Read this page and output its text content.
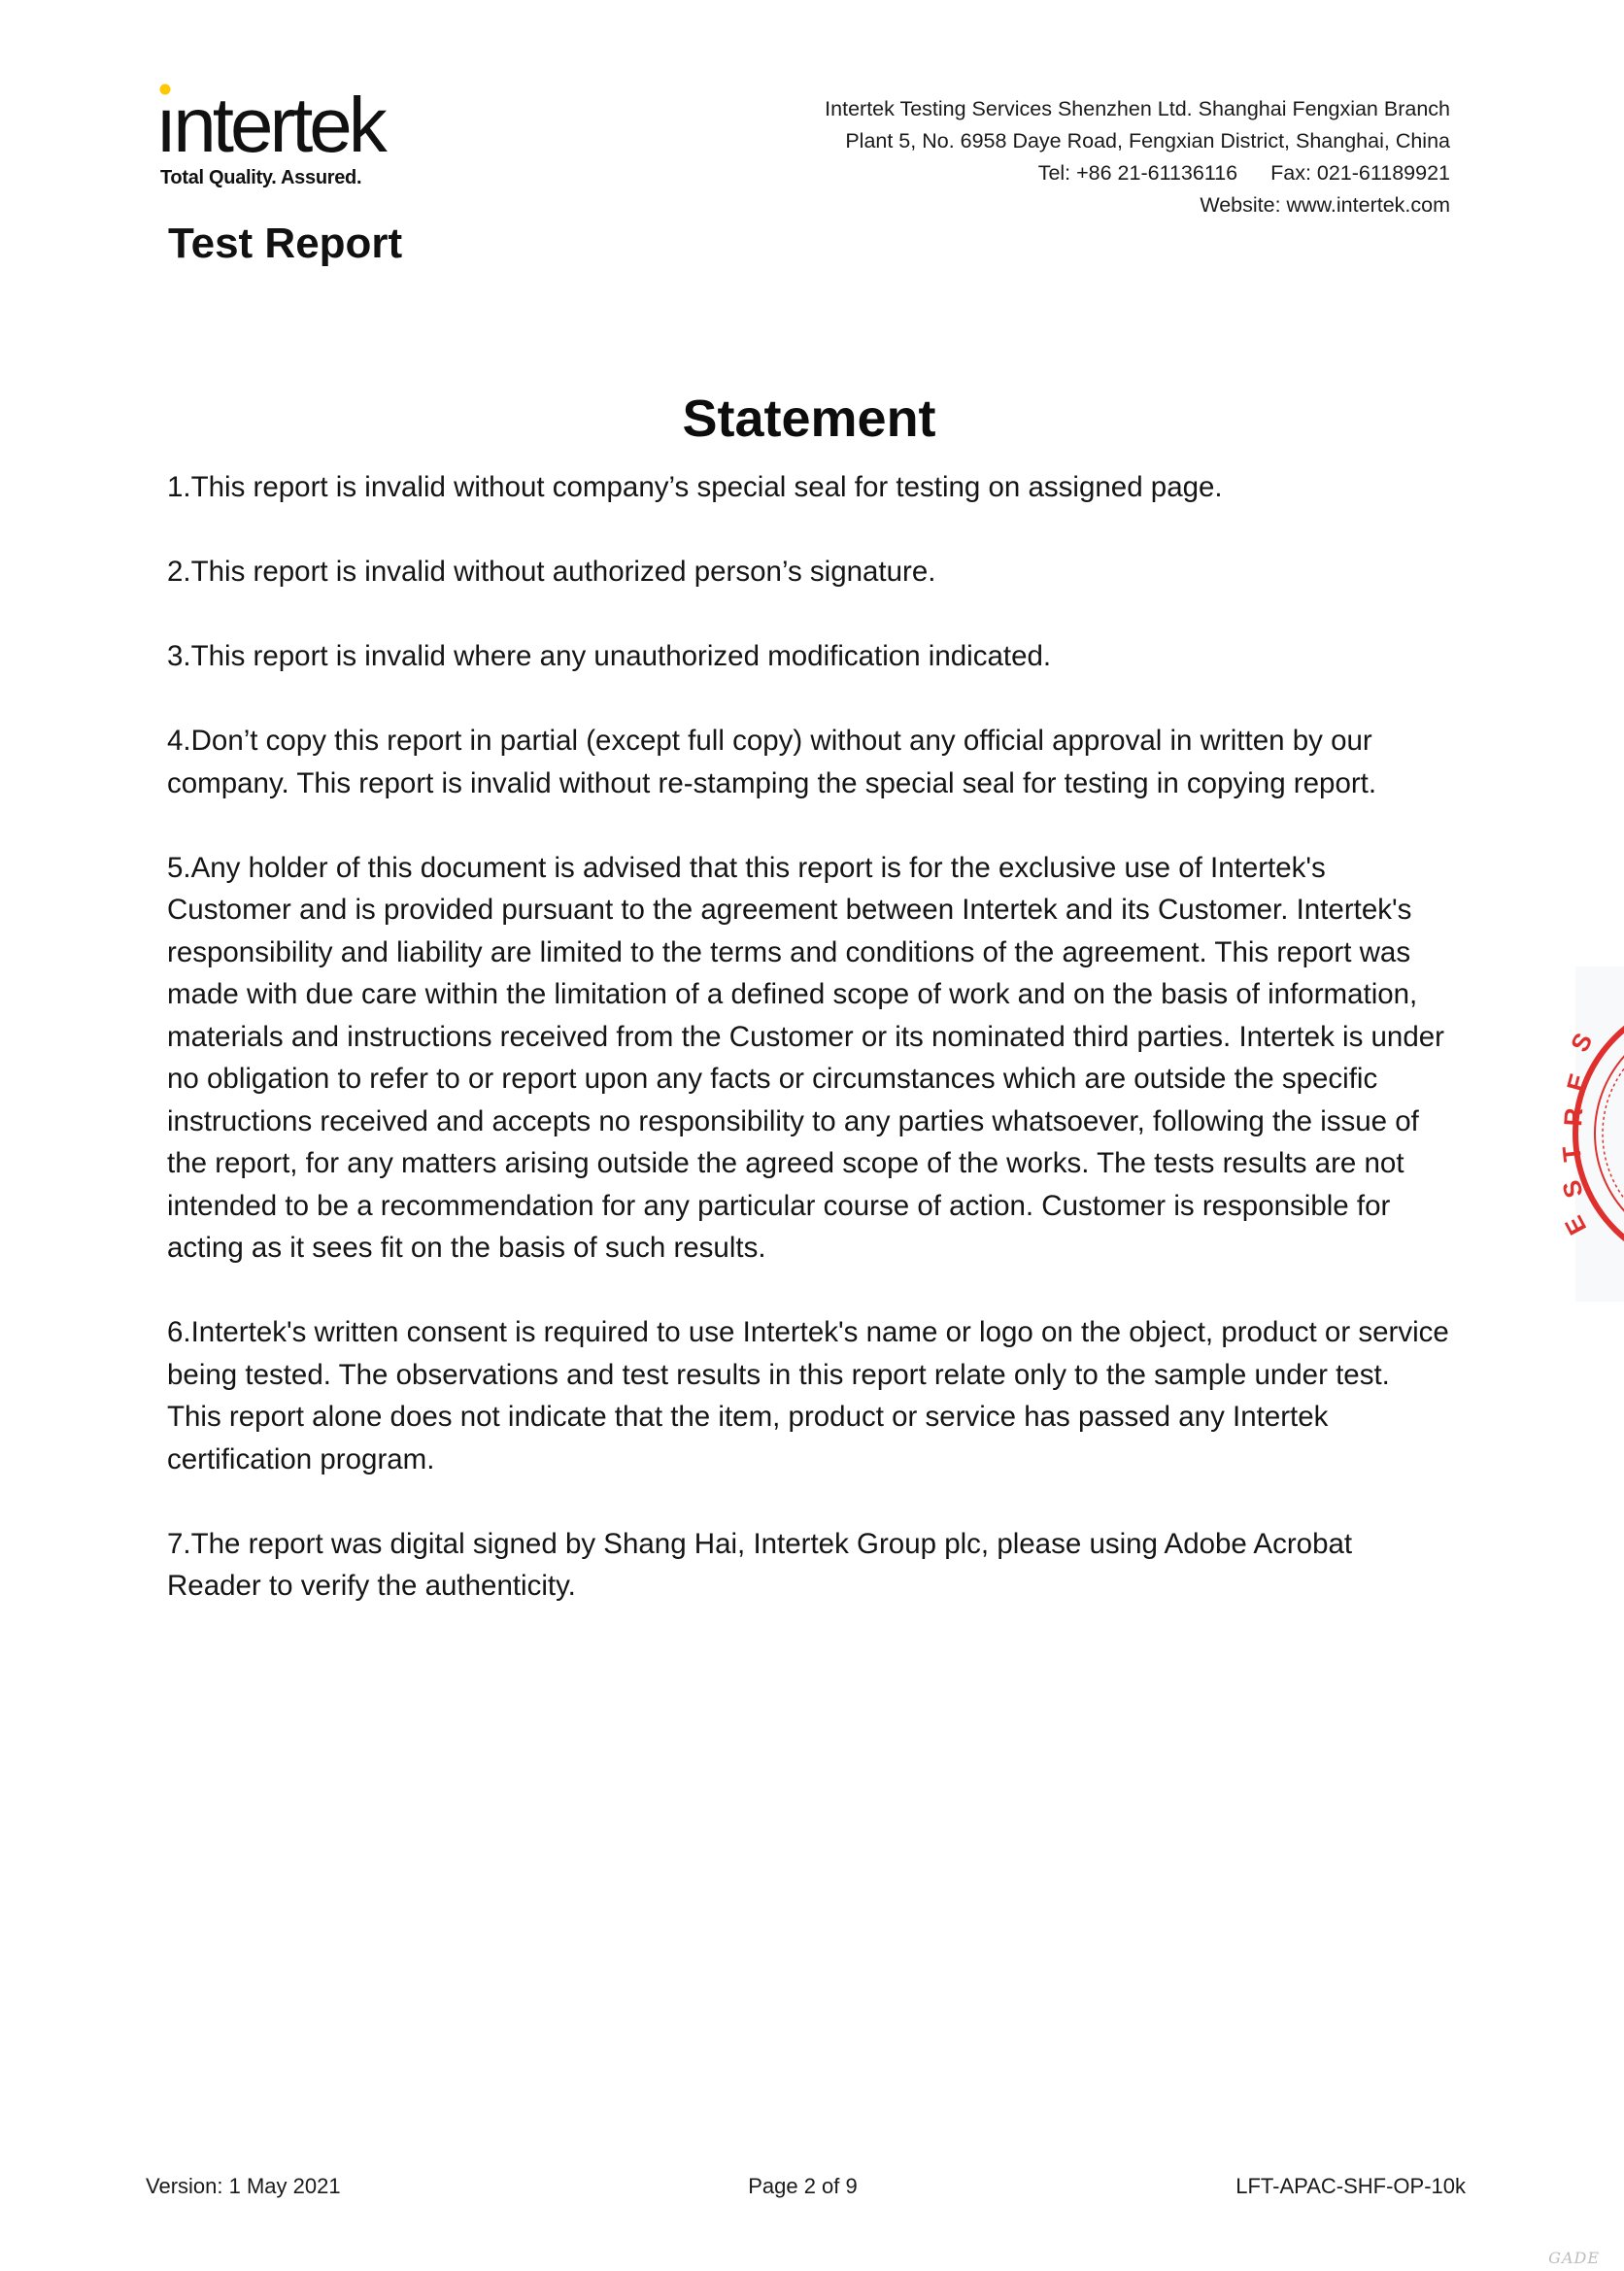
ıntertek
Total Quality. Assured.
Intertek Testing Services Shenzhen Ltd. Shanghai Fengxian Branch
Plant 5, No. 6958 Daye Road, Fengxian District, Shanghai, China
Tel: +86 21-61136116 Fax: 021-61189921
Website: www.intertek.com
Test Report
Statement

1.This report is invalid without company’s special seal for testing on assigned page.

2.This report is invalid without authorized person’s signature.

3.This report is invalid where any unauthorized modification indicated.

4.Don’t copy this report in partial (except full copy) without any official approval in written by our company. This report is invalid without re-stamping the special seal for testing in copying report.

5.Any holder of this document is advised that this report is for the exclusive use of Intertek's Customer and is provided pursuant to the agreement between Intertek and its Customer. Intertek's responsibility and liability are limited to the terms and conditions of the agreement. This report was made with due care within the limitation of a defined scope of work and on the basis of information, materials and instructions received from the Customer or its nominated third parties. Intertek is under no obligation to refer to or report upon any facts or circumstances which are outside the specific instructions received and accepts no responsibility to any parties whatsoever, following the issue of the report, for any matters arising outside the agreed scope of the works. The tests results are not intended to be a recommendation for any particular course of action. Customer is responsible for acting as it sees fit on the basis of such results.

6.Intertek's written consent is required to use Intertek's name or logo on the object, product or service being tested. The observations and test results in this report relate only to the sample under test. This report alone does not indicate that the item, product or service has passed any Intertek certification program.

7.The report was digital signed by Shang Hai, Intertek Group plc, please using Adobe Acrobat Reader to verify the authenticity.

S
E
R
T
S
E
Version: 1 May 2021	Page 2 of 9	LFT-APAC-SHF-OP-10k
GADE
